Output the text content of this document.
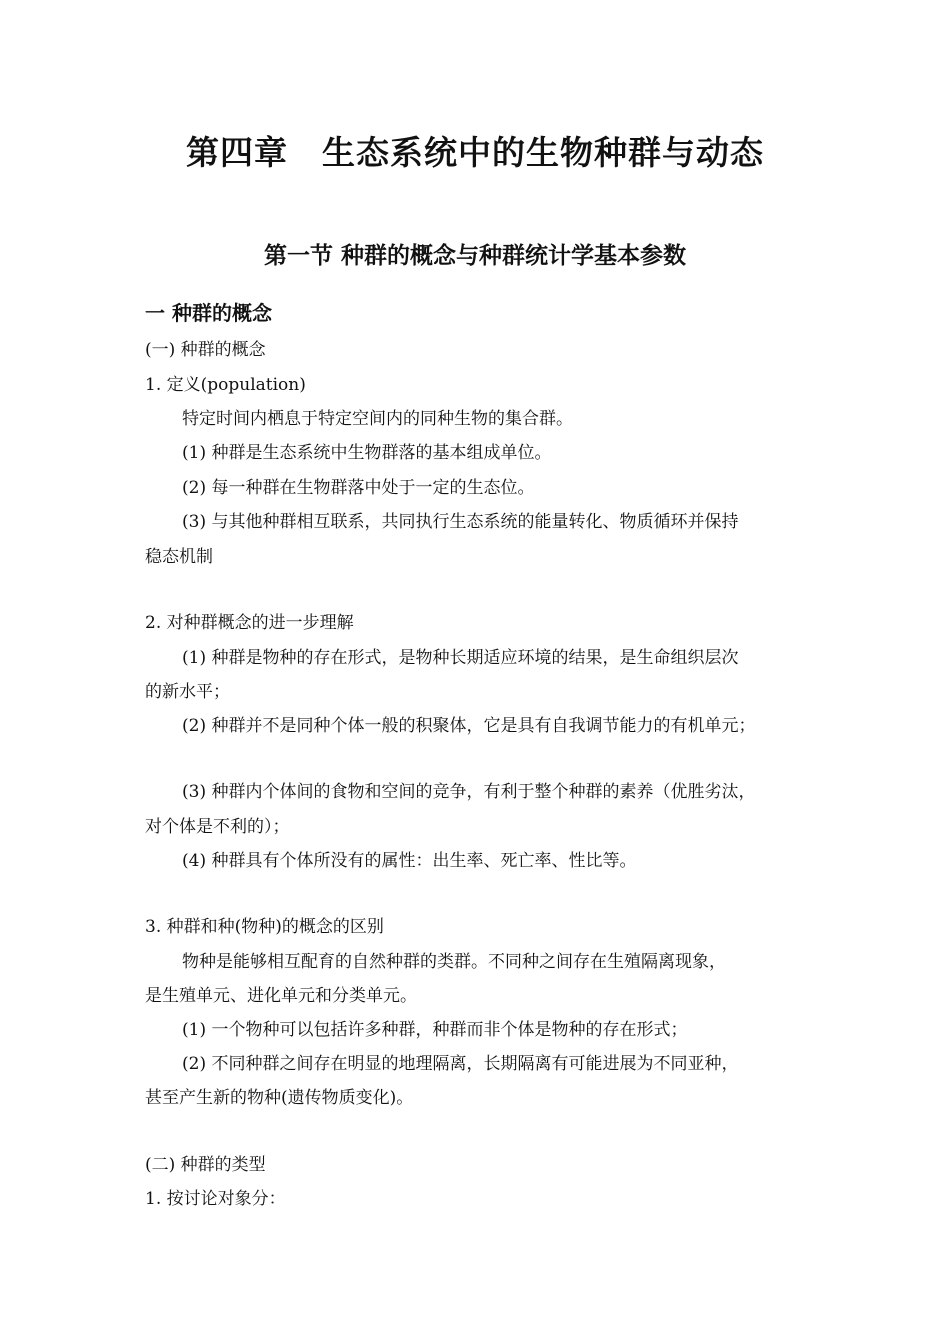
第四章　生态系统中的生物种群与动态
第一节 种群的概念与种群统计学基本参数
一 种群的概念

(一) 种群的概念

1. 定义(population)

特定时间内栖息于特定空间内的同种生物的集合群。

(1) 种群是生态系统中生物群落的基本组成单位。

(2) 每一种群在生物群落中处于一定的生态位。

(3) 与其他种群相互联系，共同执行生态系统的能量转化、物质循环并保持

稳态机制

2. 对种群概念的进一步理解

(1) 种群是物种的存在形式，是物种长期适应环境的结果，是生命组织层次

的新水平；

(2) 种群并不是同种个体一般的积聚体，它是具有自我调节能力的有机单元；

(3) 种群内个体间的食物和空间的竞争，有利于整个种群的素养（优胜劣汰，

对个体是不利的）；

(4) 种群具有个体所没有的属性：出生率、死亡率、性比等。

3. 种群和种(物种)的概念的区别

物种是能够相互配育的自然种群的类群。不同种之间存在生殖隔离现象，

是生殖单元、进化单元和分类单元。

(1) 一个物种可以包括许多种群，种群而非个体是物种的存在形式；

(2) 不同种群之间存在明显的地理隔离，长期隔离有可能进展为不同亚种，

甚至产生新的物种(遗传物质变化)。

(二) 种群的类型

1. 按讨论对象分：
